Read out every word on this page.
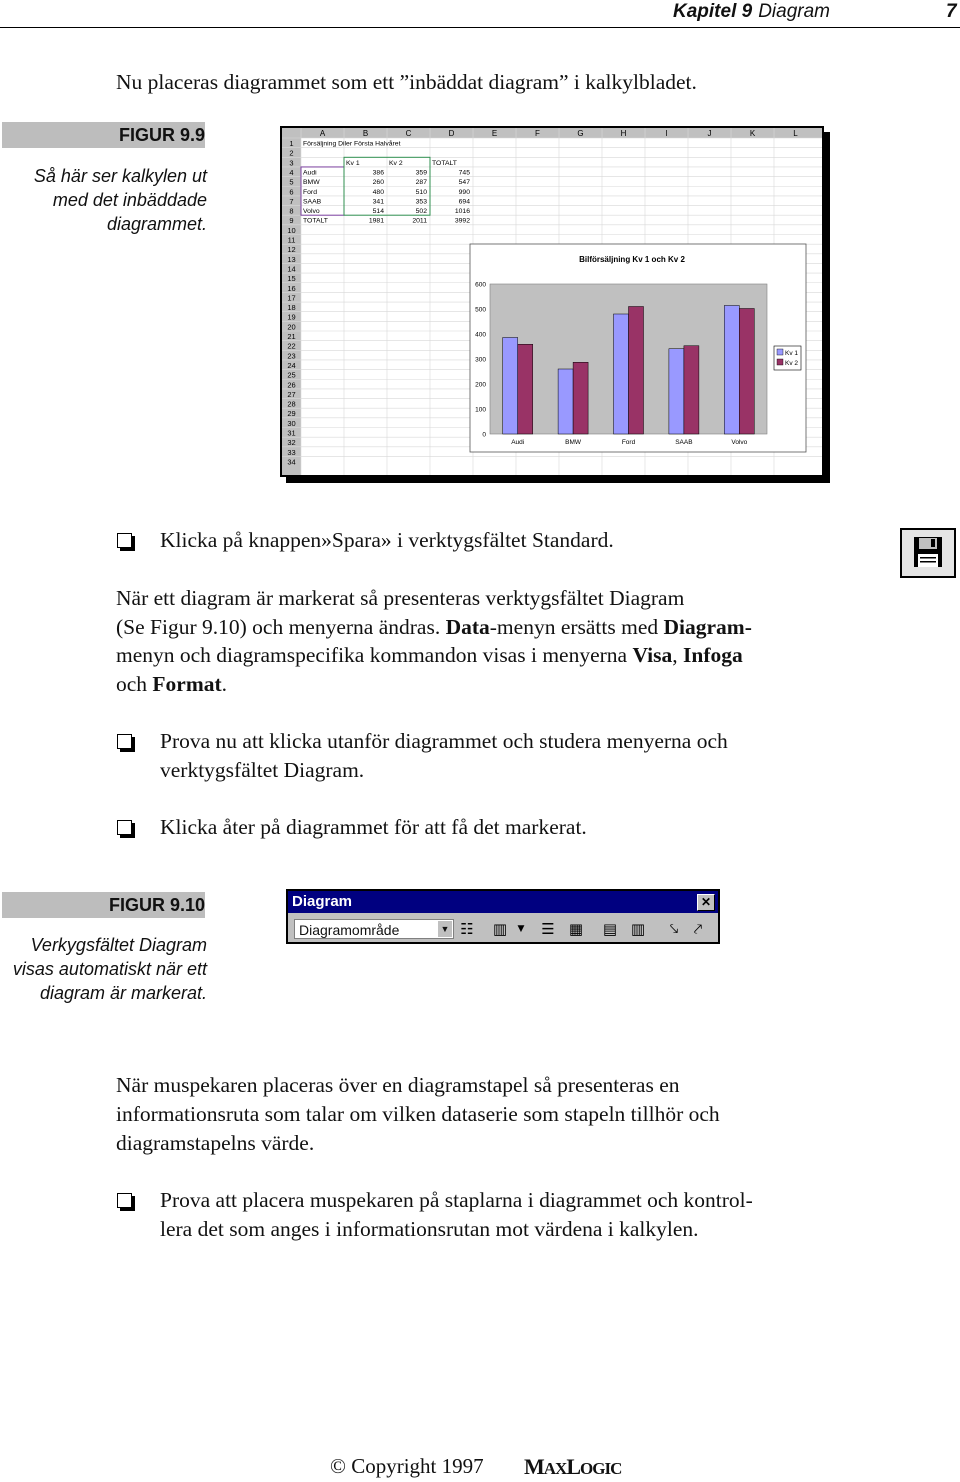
Kapitel 9 Diagram	7
Nu placeras diagrammet som ett ”inbäddat diagram” i kalkylbladet.
FIGUR 9.9
Så här ser kalkylen ut med det inbäddade diagrammet.
A	B	C	D	E	F	G	H	I	J	K	L
1
2
3
4
5
6
7
8
9
10
11
12
13
14
15
16
17
18
19
20
21
22
23
24
25
26
27
28
29
30
31
32
33
34
Försäljning Diler Första Halvåret
Kv 1	Kv 2	TOTALT
Audi	386	359	745
BMW	260	287	547
Ford	480	510	990
SAAB	341	353	694
Volvo	514	502	1016
TOTALT	1981	2011	3992
Bilförsäljning Kv 1 och Kv 2
0
100
200
300
400
500
600
Audi	BMW	Ford	SAAB	Volvo
Kv 1
Kv 2
Klicka på knappen»Spara» i verktygsfältet Standard.
När ett diagram är markerat så presenteras verktygsfältet Diagram
(Se Figur 9.10) och menyerna ändras. Data-menyn ersätts med Diagram-
menyn och diagramspecifika kommandon visas i menyerna Visa, Infoga
och Format.
Prova nu att klicka utanför diagrammet och studera menyerna och
verktygsfältet Diagram.
Klicka åter på diagrammet för att få det markerat.
FIGUR 9.10
Verkygsfältet Diagram visas automatiskt när ett diagram är markerat.
Diagram	✕
Diagramområde	▼ ☷	▥	▼	☰ ▦	▤ ▥	⤥	⤤
När muspekaren placeras över en diagramstapel så presenteras en
informationsruta som talar om vilken dataserie som stapeln tillhör och
diagramstapelns värde.
Prova att placera muspekaren på staplarna i diagrammet och kontrol-
lera det som anges i informationsrutan mot värdena i kalkylen.
© Copyright 1997 MAXLOGIC
